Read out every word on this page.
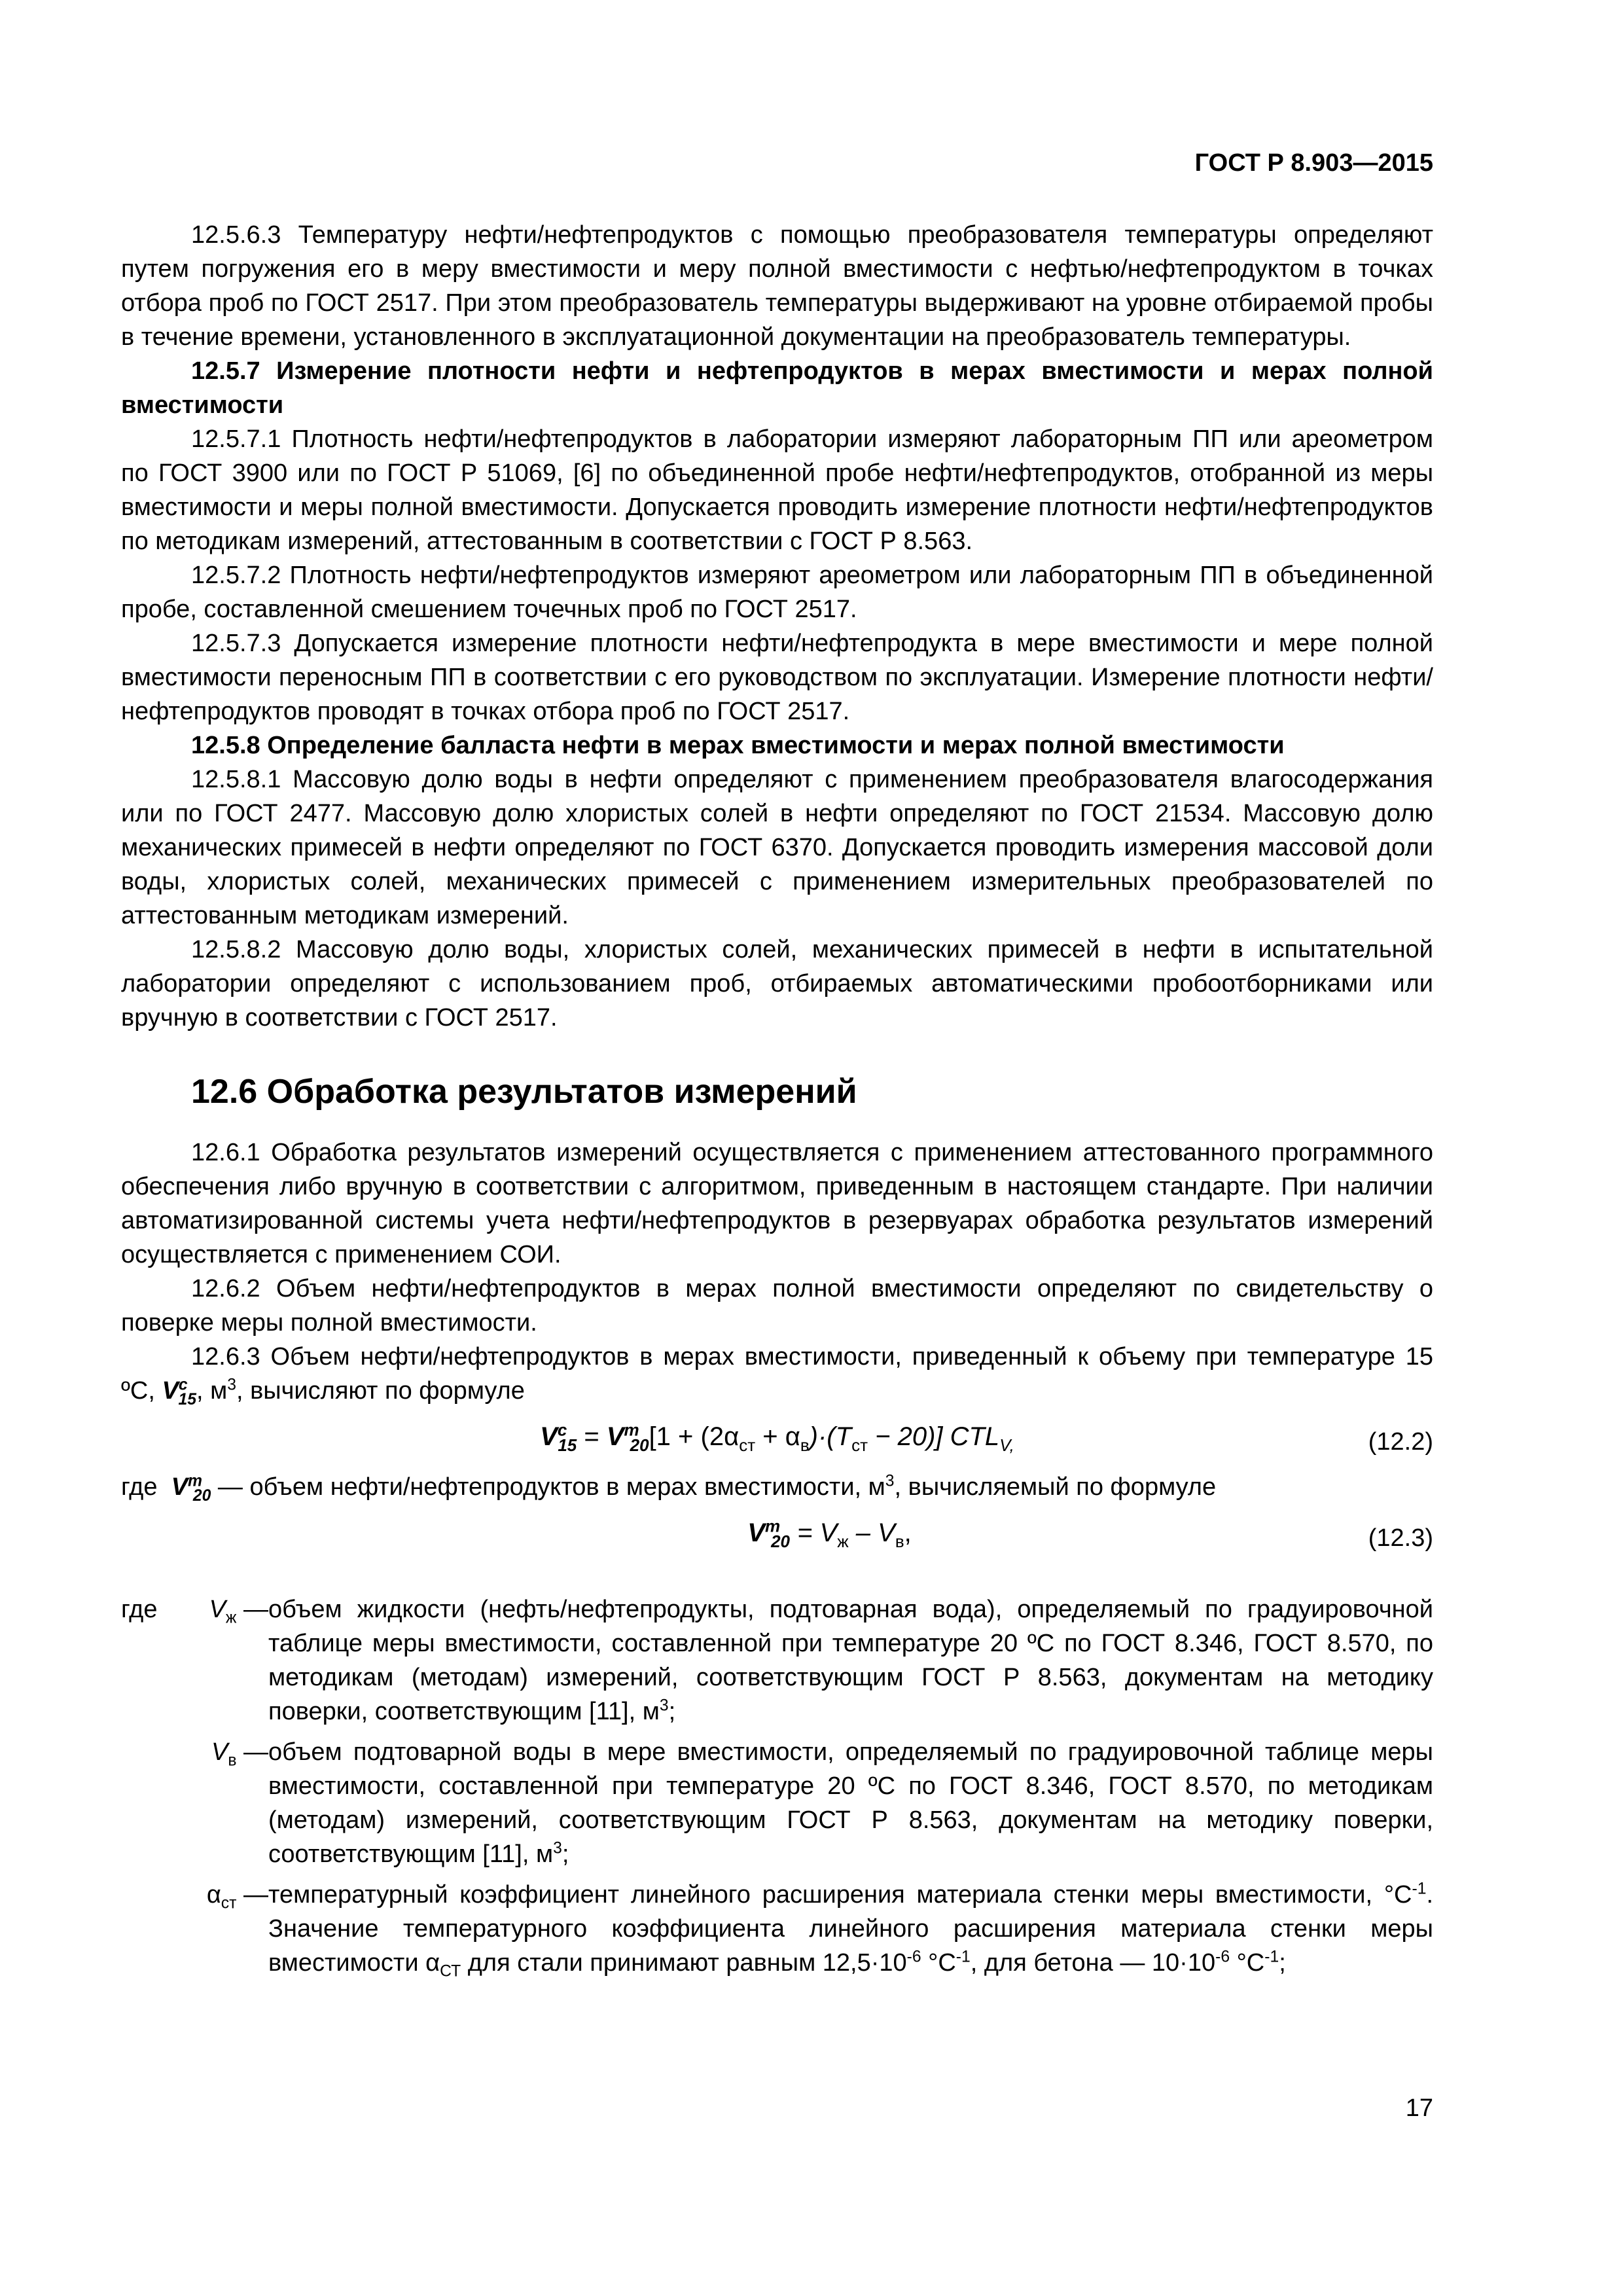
ГОСТ Р 8.903—2015

12.5.6.3 Температуру нефти/нефтепродуктов с помощью преобразователя температуры определяют путем погружения его в меру вместимости и меру полной вместимости с нефтью/нефтепродуктом в точках отбора проб по ГОСТ 2517. При этом преобразователь температуры выдерживают на уровне отбираемой пробы в течение времени, установленного в эксплуатационной документации на преобразователь температуры.

12.5.7 Измерение плотности нефти и нефтепродуктов в мерах вместимости и мерах полной вместимости

12.5.7.1 Плотность нефти/нефтепродуктов в лаборатории измеряют лабораторным ПП или ареометром по ГОСТ 3900 или по ГОСТ Р 51069, [6] по объединенной пробе нефти/нефтепродуктов, отобранной из меры вместимости и меры полной вместимости. Допускается проводить измерение плотности нефти/нефтепродуктов по методикам измерений, аттестованным в соответствии с ГОСТ Р 8.563.

12.5.7.2 Плотность нефти/нефтепродуктов измеряют ареометром или лабораторным ПП в объединенной пробе, составленной смешением точечных проб по ГОСТ 2517.

12.5.7.3 Допускается измерение плотности нефти/нефтепродукта в мере вместимости и мере полной вместимости переносным ПП в соответствии с его руководством по эксплуатации. Измерение плотности нефти/нефтепродуктов проводят в точках отбора проб по ГОСТ 2517.

12.5.8 Определение балласта нефти в мерах вместимости и мерах полной вместимости

12.5.8.1 Массовую долю воды в нефти определяют с применением преобразователя влагосодержания или по ГОСТ 2477. Массовую долю хлористых солей в нефти определяют по ГОСТ 21534. Массовую долю механических примесей в нефти определяют по ГОСТ 6370. Допускается проводить измерения массовой доли воды, хлористых солей, механических примесей с применением измерительных преобразователей по аттестованным методикам измерений.

12.5.8.2 Массовую долю воды, хлористых солей, механических примесей в нефти в испытательной лаборатории определяют с использованием проб, отбираемых автоматическими пробоотборниками или вручную в соответствии с ГОСТ 2517.

12.6 Обработка результатов измерений

12.6.1 Обработка результатов измерений осуществляется с применением аттестованного программного обеспечения либо вручную в соответствии с алгоритмом, приведенным в настоящем стандарте. При наличии автоматизированной системы учета нефти/нефтепродуктов в резервуарах обработка результатов измерений осуществляется с применением СОИ.

12.6.2 Объем нефти/нефтепродуктов в мерах полной вместимости определяют по свидетельству о поверке меры полной вместимости.

12.6.3 Объем нефти/нефтепродуктов в мерах вместимости, приведенный к объему при температуре 15 ºС, $V^с_{15}$, $м^3$, вычисляют по формуле

$V^с_{15} = V^т_{20}[1 + (2\alpha_{ст} + \alpha_в)\cdot(T_{ст} - 20)]$ $CTL_{V,}$	(12.2)

где $V^т_{20}$ — объем нефти/нефтепродуктов в мерах вместимости, $м^3$, вычисляемый по формуле

$V^т_{20} = V_ж - V_в$,	(12.3)
где	$V_ж$ — объем жидкости (нефть/нефтепродукты, подтоварная вода), определяемый по градуировочной таблице меры вместимости, составленной при температуре 20 ºС по ГОСТ 8.346, ГОСТ 8.570, по методикам (методам) измерений, соответствующим ГОСТ Р 8.563, документам на методику поверки, соответствующим [11], $м^3$;
$V_в$ — объем подтоварной воды в мере вместимости, определяемый по градуировочной таблице меры вместимости, составленной при температуре 20 ºС по ГОСТ 8.346, ГОСТ 8.570, по методикам (методам) измерений, соответствующим ГОСТ Р 8.563, документам на методику поверки, соответствующим [11], $м^3$;
$\alpha_{ст}$ — температурный коэффициент линейного расширения материала стенки меры вместимости, $^\circ С^{-1}$. Значение температурного коэффициента линейного расширения материала стенки меры вместимости $\alpha_{СТ}$ для стали принимают равным $12,5\cdot 10^{-6}$ $^\circ С^{-1}$, для бетона — $10\cdot 10^{-6}$ $^\circ С^{-1}$;
17
